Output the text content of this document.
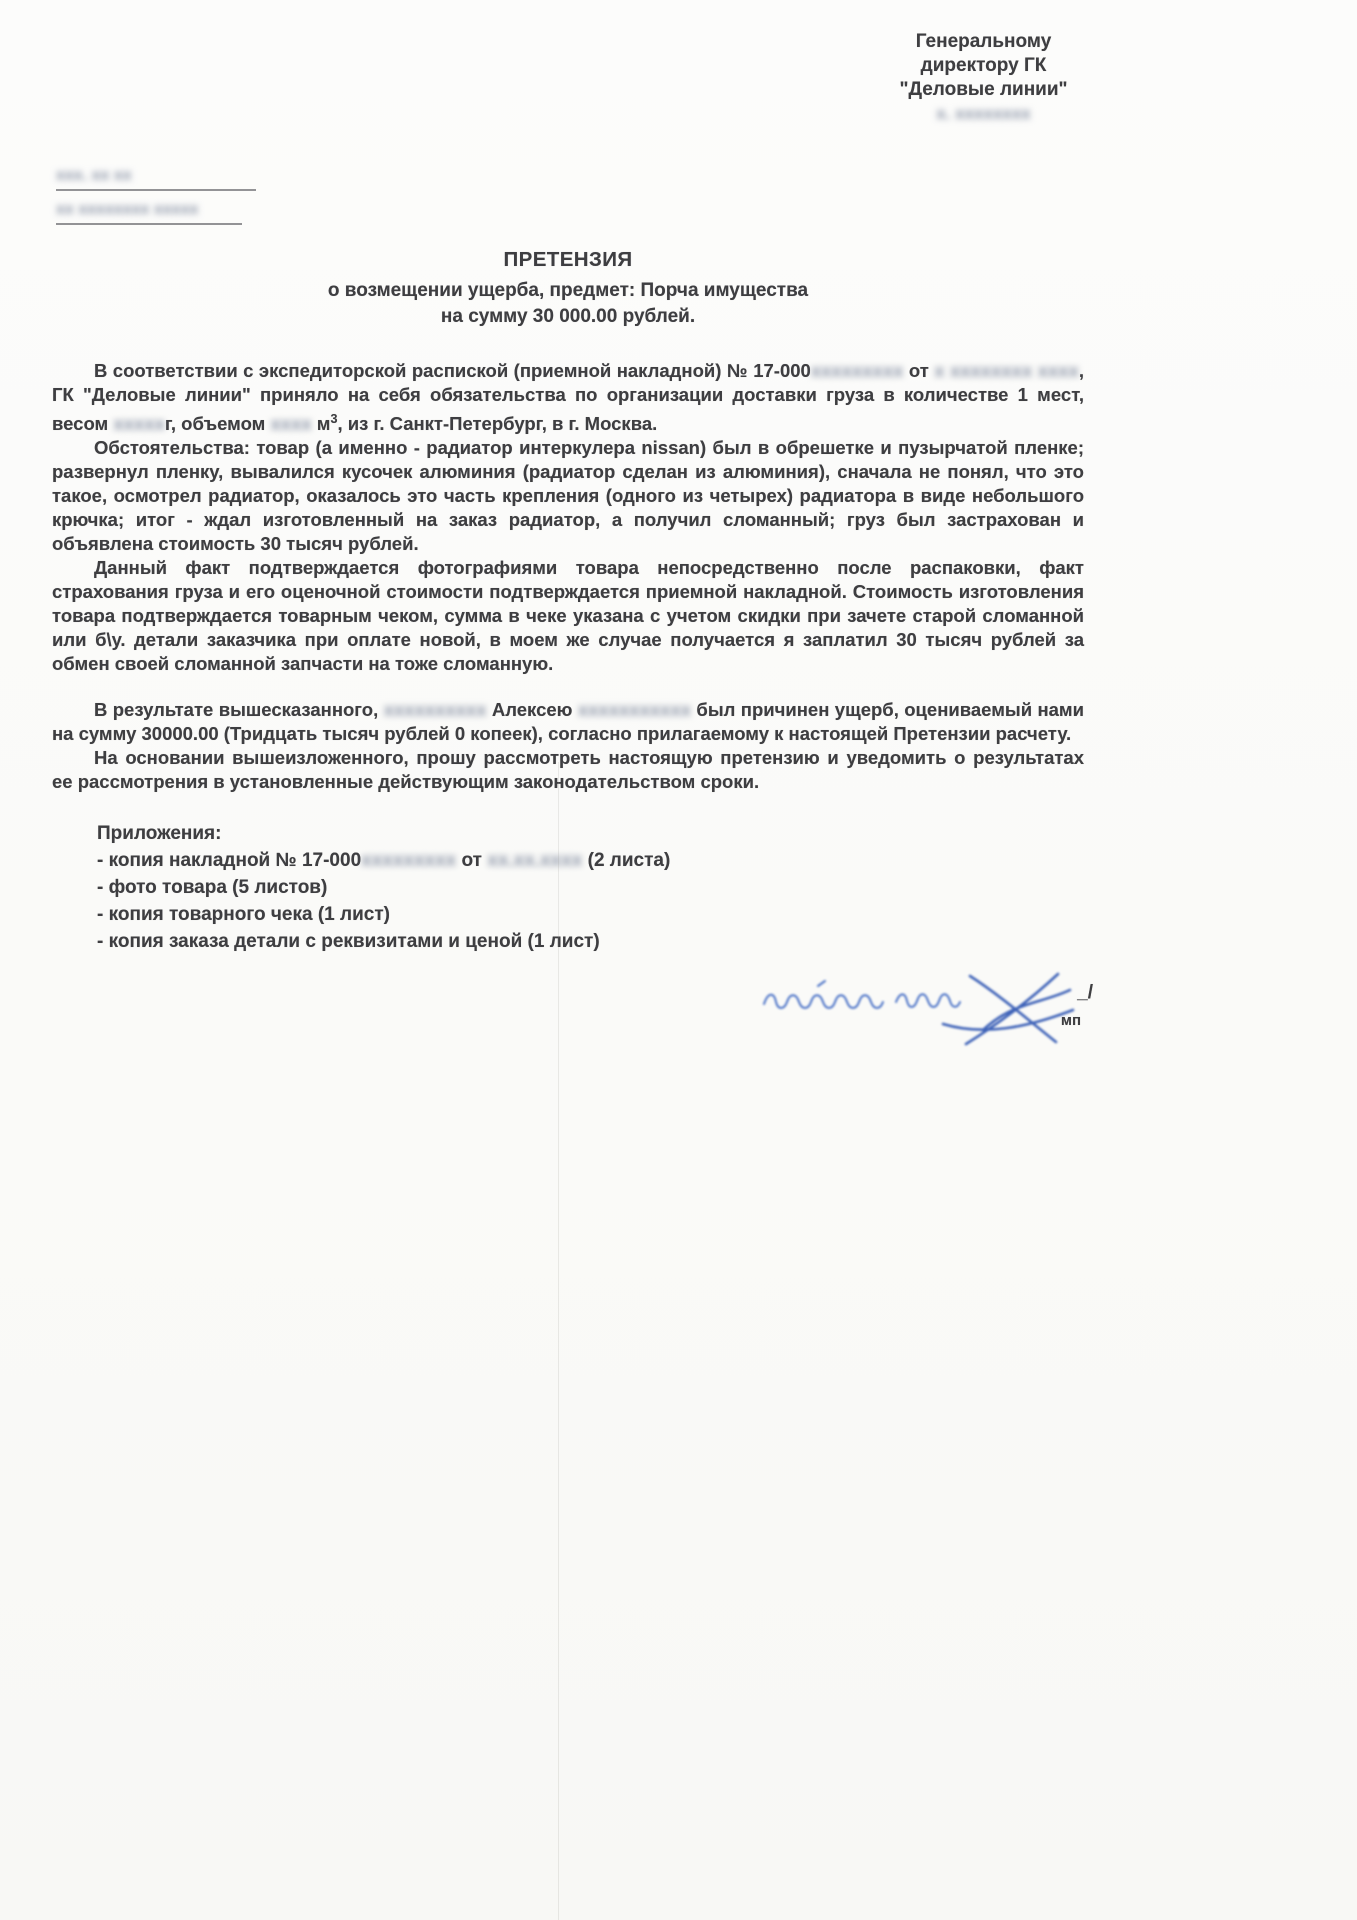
Генеральному
директору ГК
"Деловые линии"
x. xxxxxxxx
xxx. xx xx
xx xxxxxxxx xxxxx
ПРЕТЕНЗИЯ
о возмещении ущерба, предмет: Порча имущества
на сумму 30 000.00 рублей.

В соответствии с экспедиторской распиской (приемной накладной) № 17-000xxxxxxxxx от x xxxxxxxx xxxx, ГК "Деловые линии" приняло на себя обязательства по организации доставки груза в количестве 1 мест, весом xxxxxг, объемом xxxx $м^3$, из г. Санкт-Петербург, в г. Москва.

Обстоятельства: товар (а именно - радиатор интеркулера nissan) был в обрешетке и пузырчатой пленке; развернул пленку, вывалился кусочек алюминия (радиатор сделан из алюминия), сначала не понял, что это такое, осмотрел радиатор, оказалось это часть крепления (одного из четырех) радиатора в виде небольшого крючка; итог - ждал изготовленный на заказ радиатор, а получил сломанный; груз был застрахован и объявлена стоимость 30 тысяч рублей.

Данный факт подтверждается фотографиями товара непосредственно после распаковки, факт страхования груза и его оценочной стоимости подтверждается приемной накладной. Стоимость изготовления товара подтверждается товарным чеком, сумма в чеке указана с учетом скидки при зачете старой сломанной или б\у. детали заказчика при оплате новой, в моем же случае получается я заплатил 30 тысяч рублей за обмен своей сломанной запчасти на тоже сломанную.

В результате вышесказанного, xxxxxxxxxx Алексею xxxxxxxxxxx был причинен ущерб, оцениваемый нами на сумму 30000.00 (Тридцать тысяч рублей 0 копеек), согласно прилагаемому к настоящей Претензии расчету.

На основании вышеизложенного, прошу рассмотреть настоящую претензию и уведомить о результатах ее рассмотрения в установленные действующим законодательством сроки.

Приложения:
- копия накладной № 17-000xxxxxxxxx от xx.xx.xxxx (2 листа)
- фото товара (5 листов)
- копия товарного чека (1 лист)
- копия заказа детали с реквизитами и ценой (1 лист)
_/
мп
